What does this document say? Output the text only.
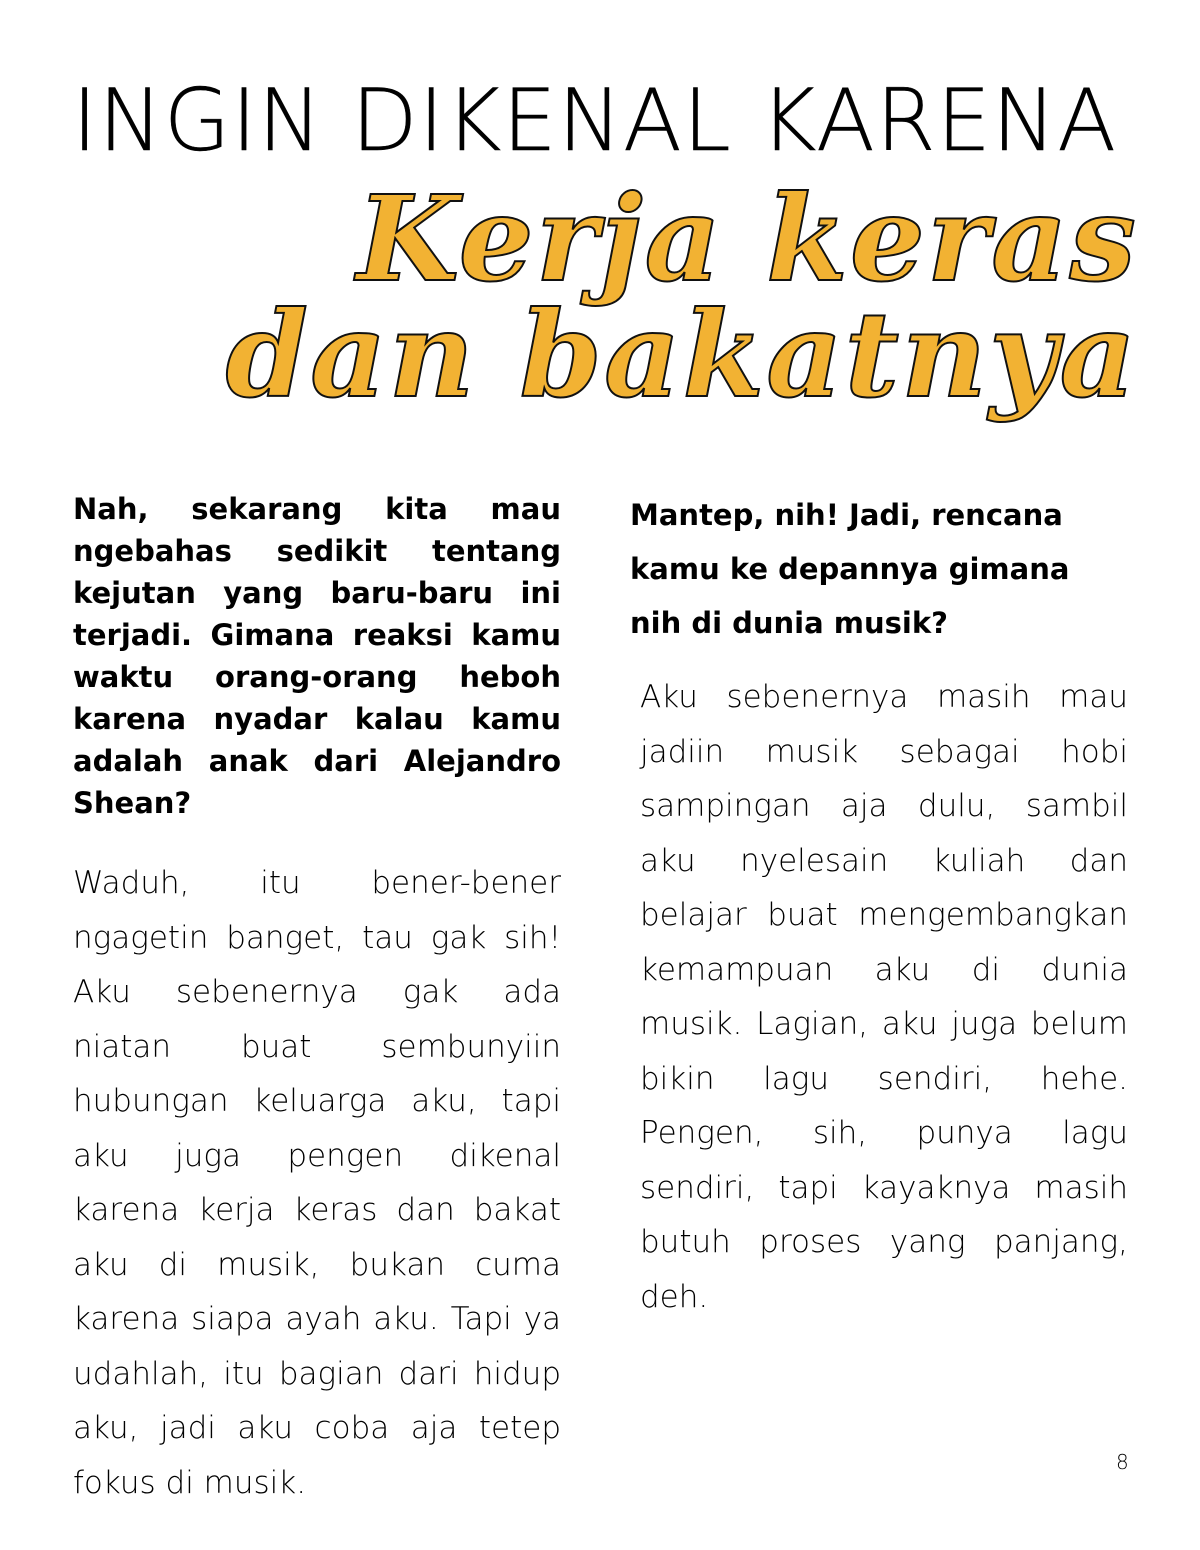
INGIN DIKENAL KARENA
Kerja keras
dan bakatnya

Nah, sekarang kita mau ngebahas sedikit tentang kejutan yang baru-baru ini terjadi. Gimana reaksi kamu waktu orang-orang heboh karena nyadar kalau kamu adalah anak dari Alejandro Shean?

Waduh, itu bener-bener ngagetin banget, tau gak sih! Aku sebenernya gak ada niatan buat sembunyiin hubungan keluarga aku, tapi aku juga pengen dikenal karena kerja keras dan bakat aku di musik, bukan cuma karena siapa ayah aku. Tapi ya udahlah, itu bagian dari hidup aku, jadi aku coba aja tetep fokus di musik.

Mantep, nih! Jadi, rencana kamu ke depannya gimana nih di dunia musik?

Aku sebenernya masih mau jadiin musik sebagai hobi sampingan aja dulu, sambil aku nyelesain kuliah dan belajar buat mengembangkan kemampuan aku di dunia musik. Lagian, aku juga belum bikin lagu sendiri, hehe. Pengen, sih, punya lagu sendiri, tapi kayaknya masih butuh proses yang panjang, deh.

8
